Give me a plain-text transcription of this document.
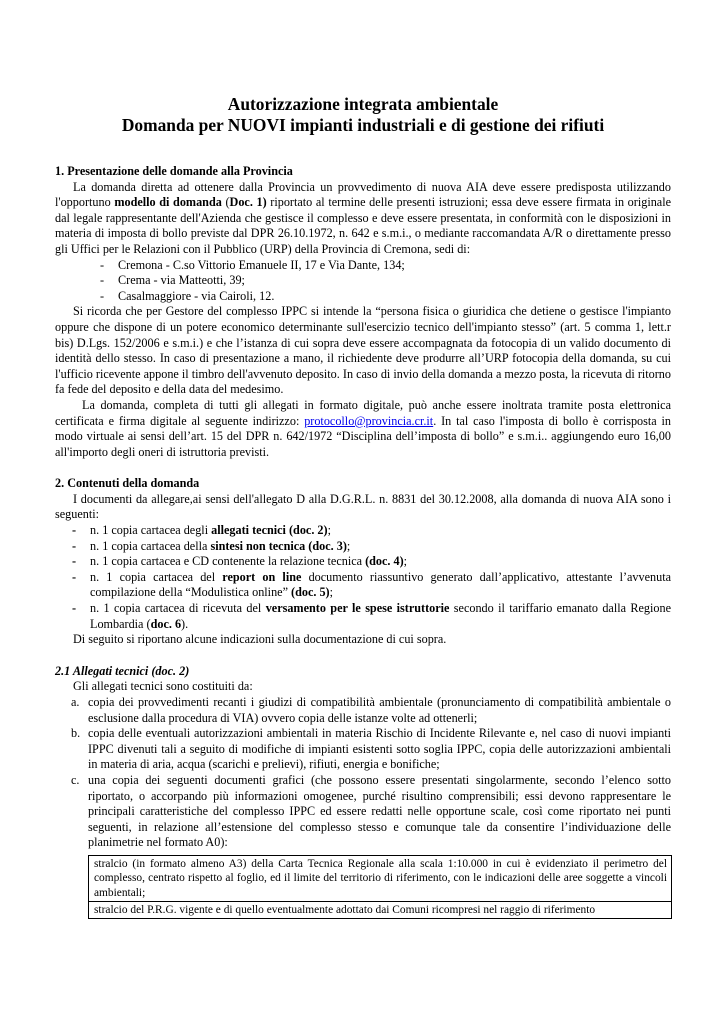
Autorizzazione integrata ambientale

Domanda per NUOVI impianti industriali e di gestione dei rifiuti

1. Presentazione delle domande alla Provincia

La domanda diretta ad ottenere dalla Provincia un provvedimento di nuova AIA deve essere predisposta utilizzando l'opportuno modello di domanda (Doc. 1) riportato al termine delle presenti istruzioni; essa deve essere firmata in originale dal legale rappresentante dell'Azienda che gestisce il complesso e deve essere presentata, in conformità con le disposizioni in materia di imposta di bollo previste dal DPR 26.10.1972, n. 642 e s.m.i., o mediante raccomandata A/R o direttamente presso gli Uffici per le Relazioni con il Pubblico (URP) della Provincia di Cremona, sedi di:

- Cremona - C.so Vittorio Emanuele II, 17 e Via Dante, 134;
- Crema - via Matteotti, 39;
- Casalmaggiore - via Cairoli, 12.

Si ricorda che per Gestore del complesso IPPC si intende la “persona fisica o giuridica che detiene o gestisce l'impianto oppure che dispone di un potere economico determinante sull'esercizio tecnico dell'impianto stesso” (art. 5 comma 1, lett.r bis) D.Lgs. 152/2006 e s.m.i.) e che l’istanza di cui sopra deve essere accompagnata da fotocopia di un valido documento di identità dello stesso. In caso di presentazione a mano, il richiedente deve produrre all’URP fotocopia della domanda, su cui l'ufficio ricevente appone il timbro dell'avvenuto deposito. In caso di invio della domanda a mezzo posta, la ricevuta di ritorno fa fede del deposito e della data del medesimo.

La domanda, completa di tutti gli allegati in formato digitale, può anche essere inoltrata tramite posta elettronica certificata e firma digitale al seguente indirizzo: protocollo@provincia.cr.it. In tal caso l'imposta di bollo è corrisposta in modo virtuale ai sensi dell’art. 15 del DPR n. 642/1972 “Disciplina dell’imposta di bollo” e s.m.i.. aggiungendo euro 16,00 all'importo degli oneri di istruttoria previsti.

2. Contenuti della domanda

I documenti da allegare,ai sensi dell'allegato D alla D.G.R.L. n. 8831 del 30.12.2008, alla domanda di nuova AIA sono i seguenti:

- n. 1 copia cartacea degli allegati tecnici (doc. 2);
- n. 1 copia cartacea della sintesi non tecnica (doc. 3);
- n. 1 copia cartacea e CD contenente la relazione tecnica (doc. 4);
- n. 1 copia cartacea del report on line documento riassuntivo generato dall’applicativo, attestante l’avvenuta compilazione della “Modulistica online” (doc. 5);
- n. 1 copia cartacea di ricevuta del versamento per le spese istruttorie secondo il tariffario emanato dalla Regione Lombardia (doc. 6).

Di seguito si riportano alcune indicazioni sulla documentazione di cui sopra.

2.1 Allegati tecnici (doc. 2)

Gli allegati tecnici sono costituiti da:

a. copia dei provvedimenti recanti i giudizi di compatibilità ambientale (pronunciamento di compatibilità ambientale o esclusione dalla procedura di VIA) ovvero copia delle istanze volte ad ottenerli;
b. copia delle eventuali autorizzazioni ambientali in materia Rischio di Incidente Rilevante e, nel caso di nuovi impianti IPPC divenuti tali a seguito di modifiche di impianti esistenti sotto soglia IPPC, copia delle autorizzazioni ambientali in materia di aria, acqua (scarichi e prelievi), rifiuti, energia e bonifiche;
c. una copia dei seguenti documenti grafici (che possono essere presentati singolarmente, secondo l’elenco sotto riportato, o accorpando più informazioni omogenee, purché risultino comprensibili; essi devono rappresentare le principali caratteristiche del complesso IPPC ed essere redatti nelle opportune scale, così come riportato nei punti seguenti, in relazione all’estensione del complesso stesso e comunque tale da consentire l’individuazione delle planimetrie nel formato A0):
stralcio (in formato almeno A3) della Carta Tecnica Regionale alla scala 1:10.000 in cui è evidenziato il perimetro del complesso, centrato rispetto al foglio, ed il limite del territorio di riferimento, con le indicazioni delle aree soggette a vincoli ambientali;

stralcio del P.R.G. vigente e di quello eventualmente adottato dai Comuni ricompresi nel raggio di riferimento
